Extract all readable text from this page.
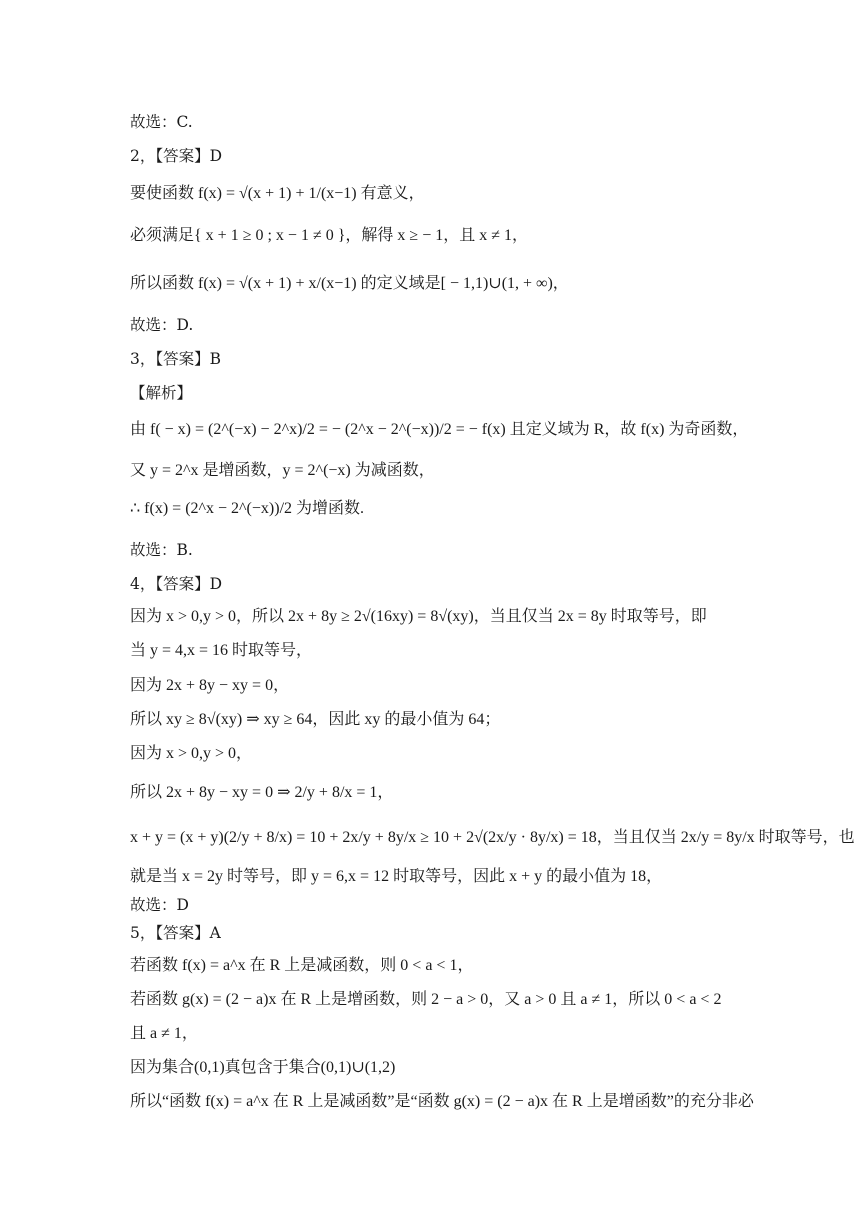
故选：C.
2，【答案】D
要使函数 f(x) = √(x + 1) + 1/(x−1) 有意义，
必须满足{ x + 1 ≥ 0 ; x − 1 ≠ 0 }，解得 x ≥ − 1，且 x ≠ 1，
所以函数 f(x) = √(x + 1) + x/(x−1) 的定义域是[ − 1,1)∪(1, + ∞)，
故选：D.
3，【答案】B
【解析】
由 f( − x) = (2^(−x) − 2^x)/2 = − (2^x − 2^(−x))/2 = − f(x) 且定义域为 R，故 f(x) 为奇函数，
又 y = 2^x 是增函数，y = 2^(−x) 为减函数，
∴ f(x) = (2^x − 2^(−x))/2 为增函数.
故选：B.
4，【答案】D
因为 x > 0,y > 0，所以 2x + 8y ≥ 2√(16xy) = 8√(xy)，当且仅当 2x = 8y 时取等号，即
当 y = 4,x = 16 时取等号，
因为 2x + 8y − xy = 0，
所以 xy ≥ 8√(xy) ⇒ xy ≥ 64，因此 xy 的最小值为 64；
因为 x > 0,y > 0，
所以 2x + 8y − xy = 0 ⇒ 2/y + 8/x = 1，
x + y = (x + y)(2/y + 8/x) = 10 + 2x/y + 8y/x ≥ 10 + 2√(2x/y · 8y/x) = 18，当且仅当 2x/y = 8y/x 时取等号，也
就是当 x = 2y 时等号，即 y = 6,x = 12 时取等号，因此 x + y 的最小值为 18，
故选：D
5，【答案】A
若函数 f(x) = a^x 在 R 上是减函数，则 0 < a < 1，
若函数 g(x) = (2 − a)x 在 R 上是增函数，则 2 − a > 0，又 a > 0 且 a ≠ 1，所以 0 < a < 2
且 a ≠ 1，
因为集合(0,1)真包含于集合(0,1)∪(1,2)
所以“函数 f(x) = a^x 在 R 上是减函数”是“函数 g(x) = (2 − a)x 在 R 上是增函数”的充分非必
